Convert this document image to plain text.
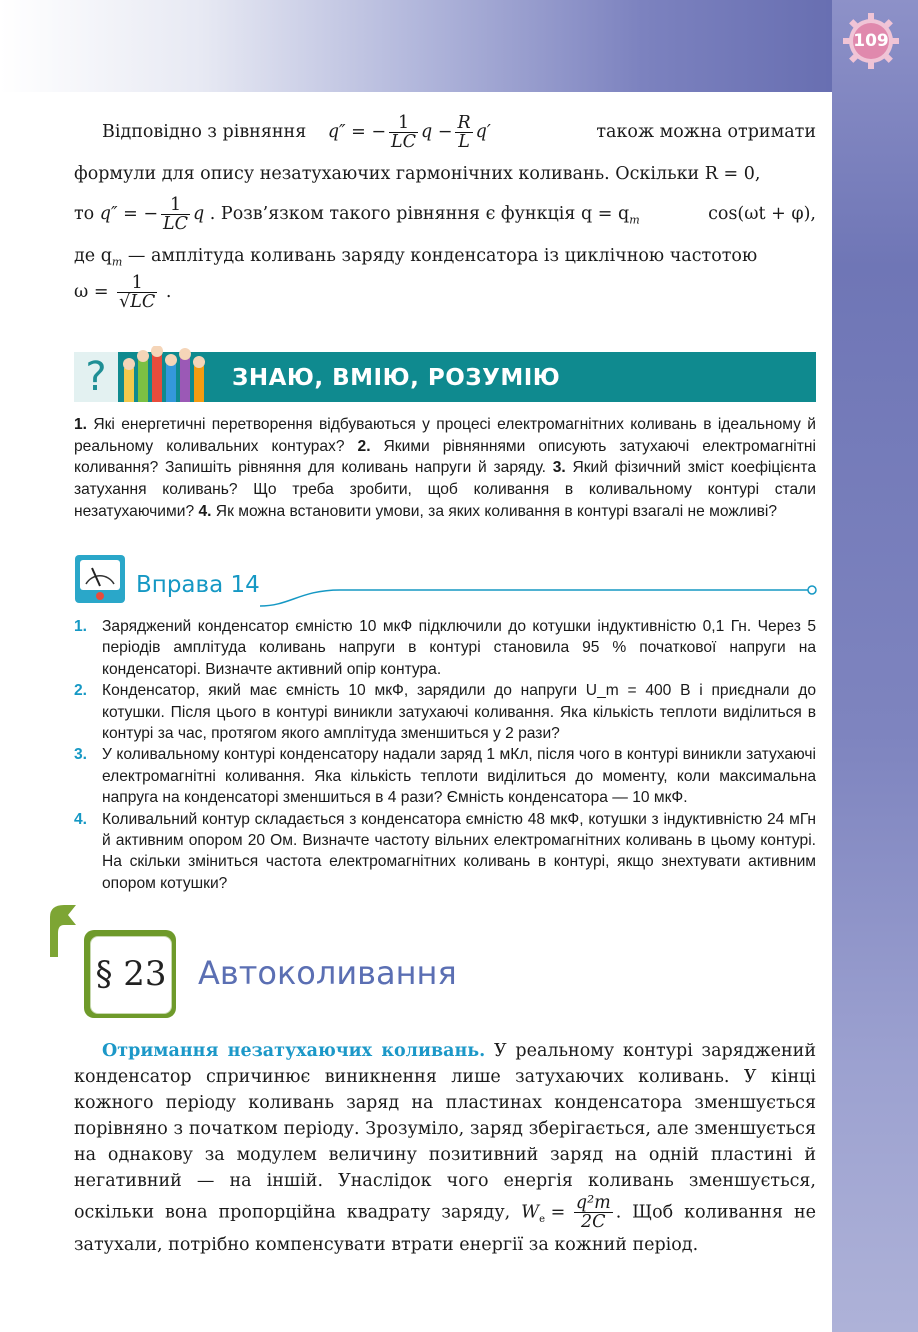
109
Відповідно з рівняння q″ = − $\frac{1}{LC}$ $q - \frac{R}{L} q'$	також можна отримати
формули для опису незатухаючих гармонічних коливань. Оскільки R = 0,
то q″ = − $\frac{1}{LC}$ q . Розв’язком такого рівняння є функція $q = q_m$	cos(ωt + φ),
де $q_m$ — амплітуда коливань заряду конденсатора із циклічною частотою
$\omega = \frac{1}{√LC}$ .
?	ЗНАЮ, ВМІЮ, РОЗУМІЮ
1. Які енергетичні перетворення відбуваються у процесі електромагнітних коливань в ідеальному й реальному коливальних контурах? 2. Якими рівняннями описують затухаючі електромагнітні коливання? Запишіть рівняння для коливань напруги й заряду. 3. Який фізичний зміст коефіцієнта затухання коливань? Що треба зробити, щоб коливання в коливальному контурі стали незатухаючими? 4. Як можна встановити умови, за яких коливання в контурі взагалі не можливі?
Вправа 14
1. Заряджений конденсатор ємністю 10 мкФ підключили до котушки індуктивністю 0,1 Гн. Через 5 періодів амплітуда коливань напруги в контурі становила 95 % початкової напруги на конденсаторі. Визначте активний опір контура.
2. Конденсатор, який має ємність 10 мкФ, зарядили до напруги U_m = 400 В і приєднали до котушки. Після цього в контурі виникли затухаючі коливання. Яка кількість теплоти виділиться в контурі за час, протягом якого амплітуда зменшиться у 2 рази?
3. У коливальному контурі конденсатору надали заряд 1 мКл, після чого в контурі виникли затухаючі електромагнітні коливання. Яка кількість теплоти виділиться до моменту, коли максимальна напруга на конденсаторі зменшиться в 4 рази? Ємність конденсатора — 10 мкФ.
4. Коливальний контур складається з конденсатора ємністю 48 мкФ, котушки з індуктивністю 24 мГн й активним опором 20 Ом. Визначте частоту вільних електромагнітних коливань в цьому контурі. На скільки зміниться частота електромагнітних коливань в контурі, якщо знехтувати активним опором котушки?
§ 23 Автоколивання
Отримання незатухаючих коливань. У реальному контурі заряджений конденсатор спричинює виникнення лише затухаючих коливань. У кінці кожного періоду коливань заряд на пластинах конденсатора зменшується порівняно з початком періоду. Зрозуміло, заряд зберігається, але зменшується на однакову за модулем величину позитивний заряд на одній пластині й негативний — на іншій. Унаслідок чого енергія коливань зменшується, оскільки вона пропорційна квадрату заряду, $W_e = \frac{\text{q²m}}{2C}$ . Щоб коливання не затухали, потрібно компенсувати втрати енергії за кожний період.
